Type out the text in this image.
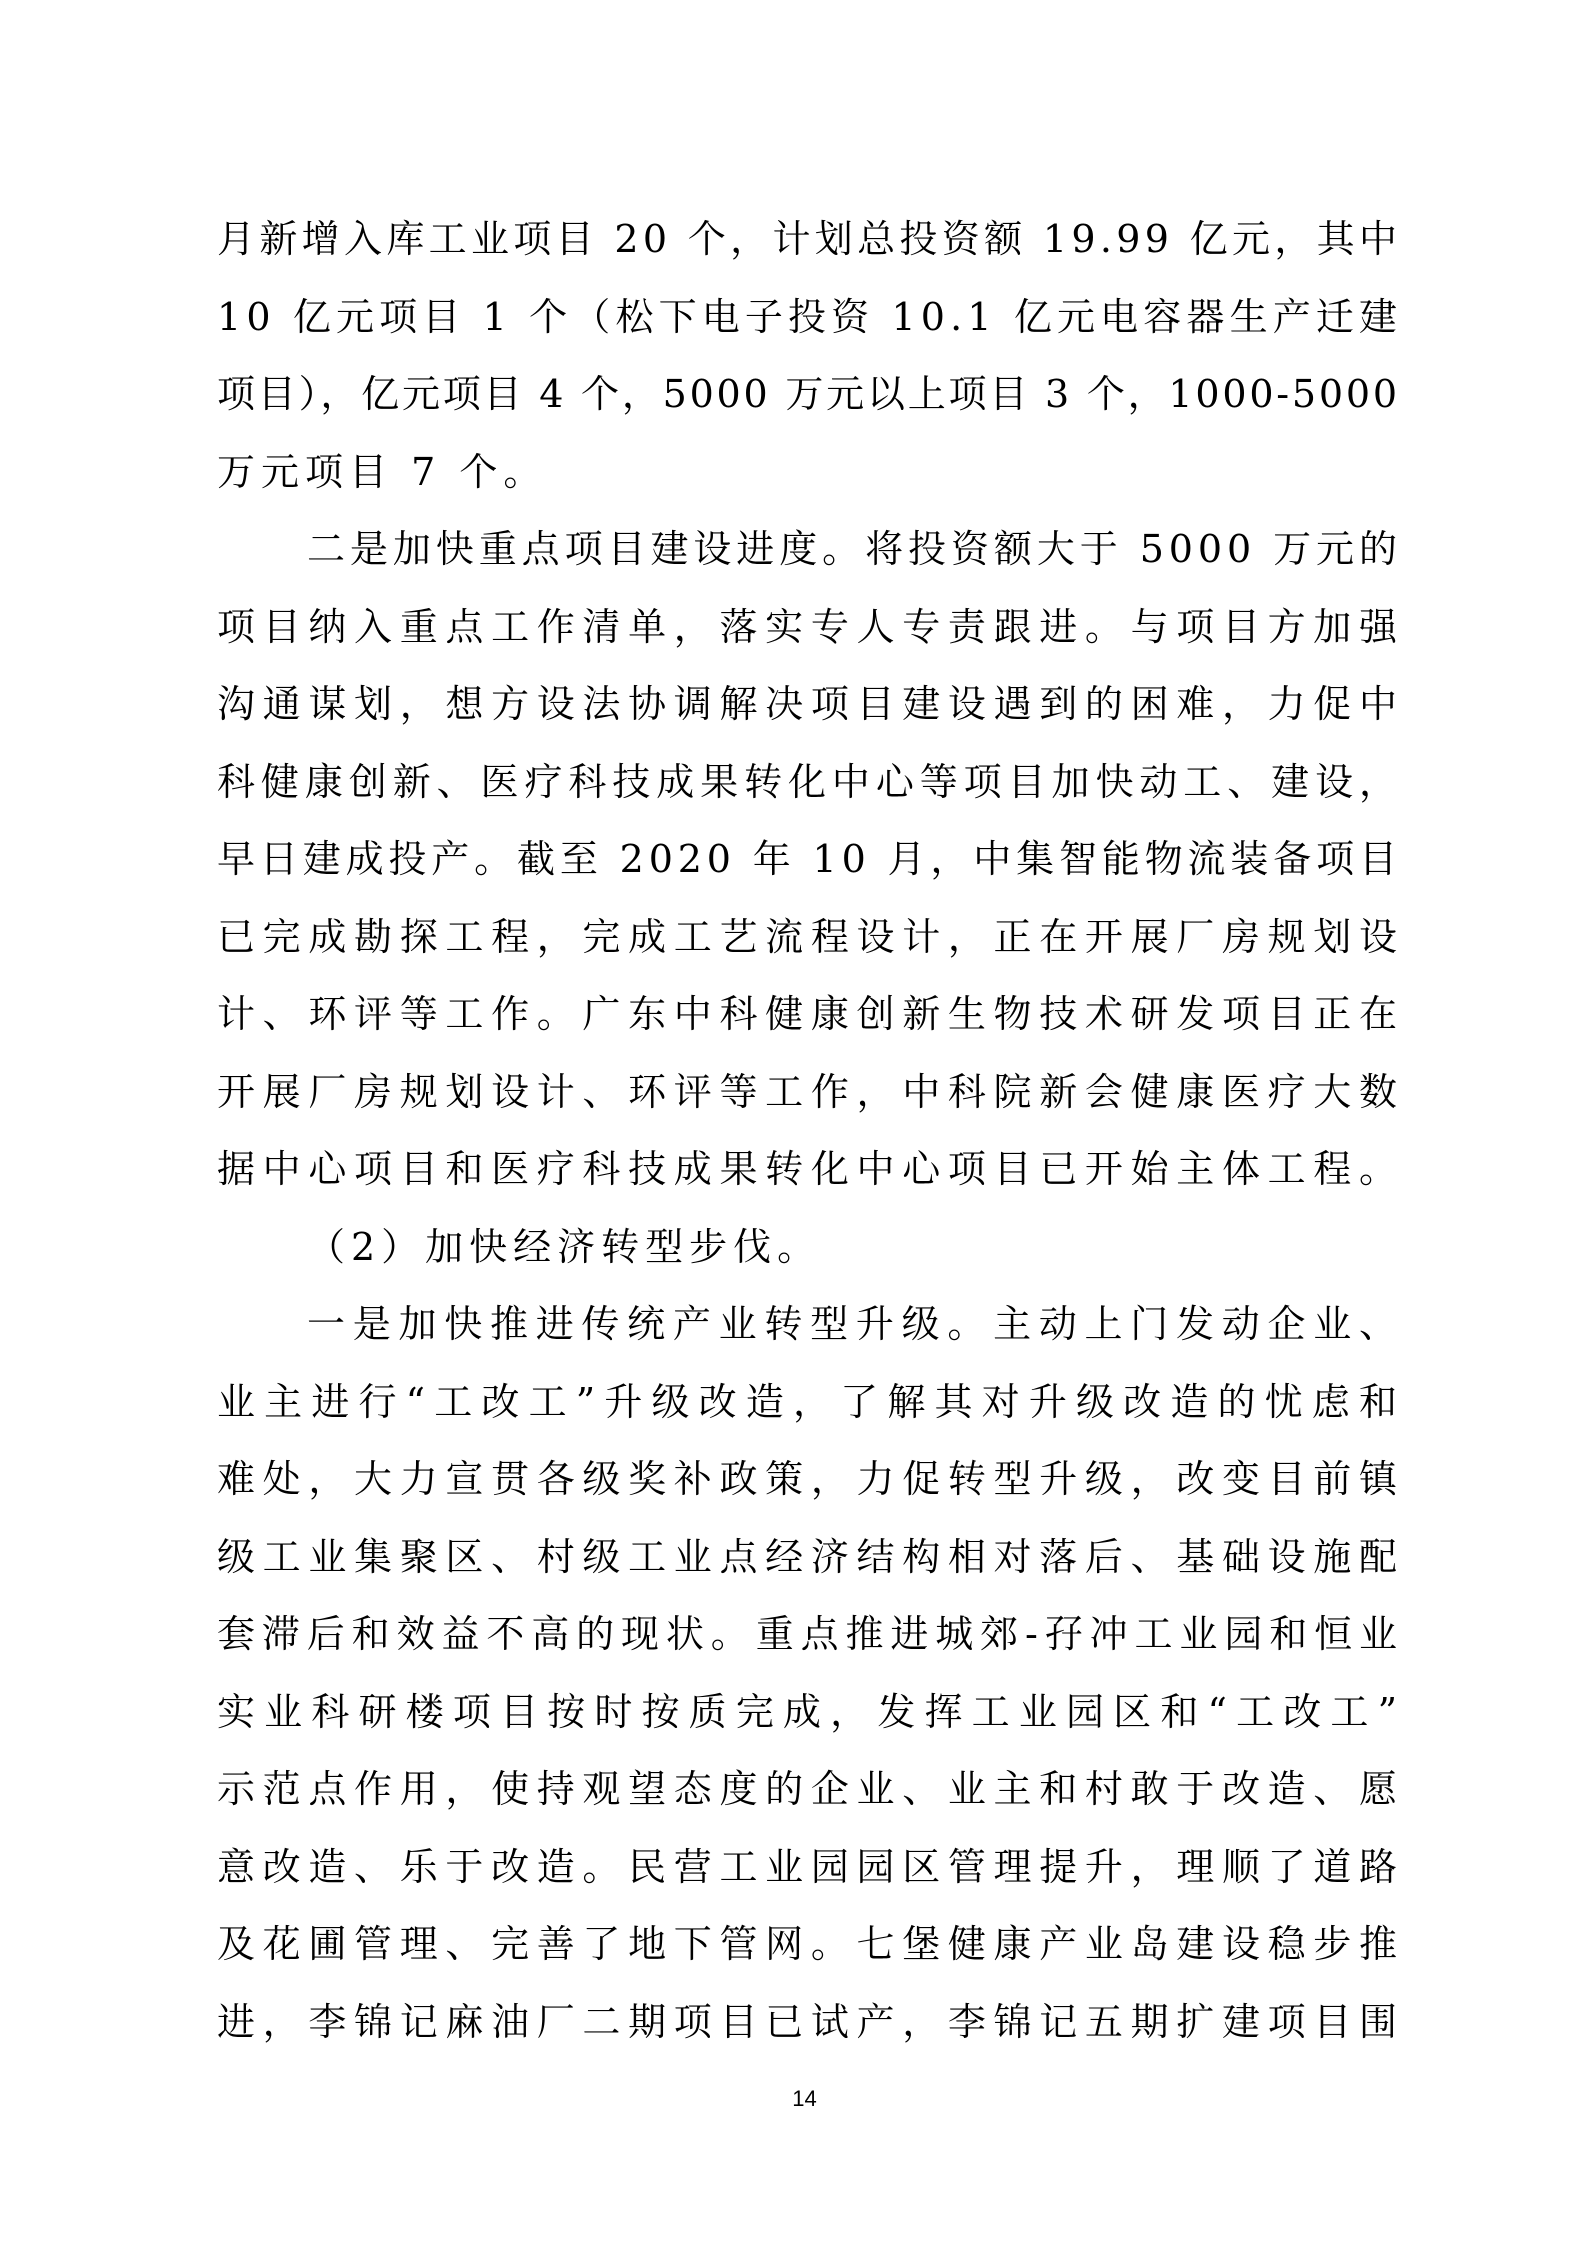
月新增入库工业项目 20 个，计划总投资额 19.99 亿元，其中
10 亿元项目 1 个（松下电子投资 10.1 亿元电容器生产迁建
项目），亿元项目 4 个，5000 万元以上项目 3 个，1000-5000
万元项目 7 个。
二是加快重点项目建设进度。将投资额大于 5000 万元的
项目纳入重点工作清单，落实专人专责跟进。与项目方加强
沟通谋划，想方设法协调解决项目建设遇到的困难，力促中
科健康创新、医疗科技成果转化中心等项目加快动工、建设，
早日建成投产。截至 2020 年 10 月，中集智能物流装备项目
已完成勘探工程，完成工艺流程设计，正在开展厂房规划设
计、环评等工作。广东中科健康创新生物技术研发项目正在
开展厂房规划设计、环评等工作，中科院新会健康医疗大数
据中心项目和医疗科技成果转化中心项目已开始主体工程。
（2）加快经济转型步伐。
一是加快推进传统产业转型升级。主动上门发动企业、
业主进行“工改工”升级改造，了解其对升级改造的忧虑和
难处，大力宣贯各级奖补政策，力促转型升级，改变目前镇
级工业集聚区、村级工业点经济结构相对落后、基础设施配
套滞后和效益不高的现状。重点推进城郊-孖冲工业园和恒业
实业科研楼项目按时按质完成，发挥工业园区和“工改工”
示范点作用，使持观望态度的企业、业主和村敢于改造、愿
意改造、乐于改造。民营工业园园区管理提升，理顺了道路
及花圃管理、完善了地下管网。七堡健康产业岛建设稳步推
进，李锦记麻油厂二期项目已试产，李锦记五期扩建项目围
14
